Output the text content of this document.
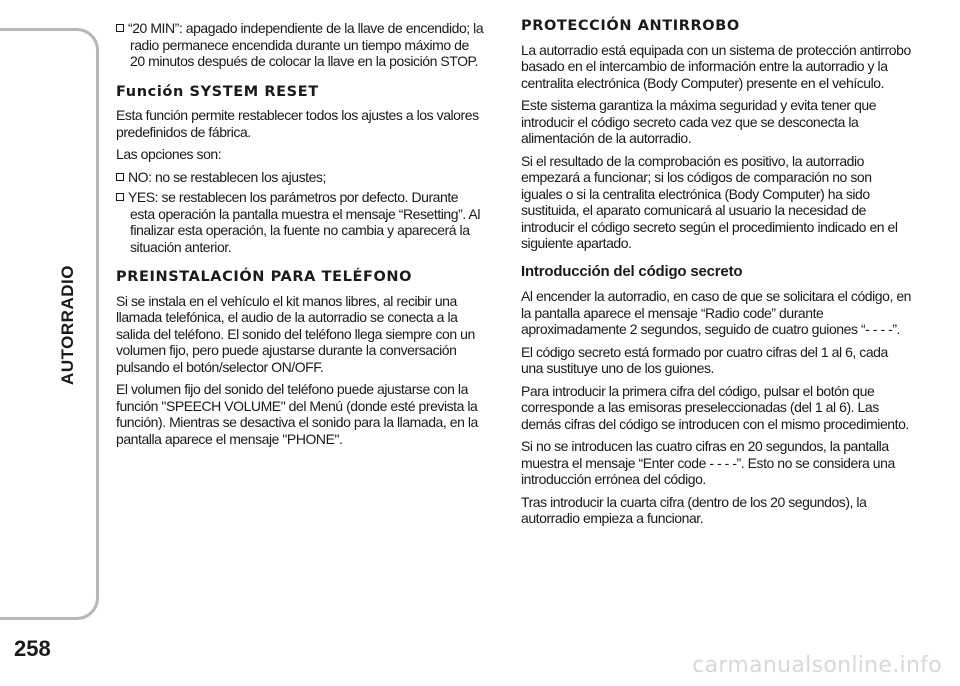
AUTORRADIO
258

“20 MIN”: apagado independiente de la llave de encendido; la radio permanece encendida durante un tiempo máximo de 20 minutos después de colocar la llave en la posición STOP.

Función SYSTEM RESET

Esta función permite restablecer todos los ajustes a los valores predefinidos de fábrica.

Las opciones son:

NO: no se restablecen los ajustes;

YES: se restablecen los parámetros por defecto. Durante esta operación la pantalla muestra el mensaje “Resetting”. Al finalizar esta operación, la fuente no cambia y aparecerá la situación anterior.

PREINSTALACIÓN PARA TELÉFONO

Si se instala en el vehículo el kit manos libres, al recibir una llamada telefónica, el audio de la autorradio se conecta a la salida del teléfono. El sonido del teléfono llega siempre con un volumen fijo, pero puede ajustarse durante la conversación pulsando el botón/selector ON/OFF.

El volumen fijo del sonido del teléfono puede ajustarse con la función "SPEECH VOLUME" del Menú (donde esté prevista la función). Mientras se desactiva el sonido para la llamada, en la pantalla aparece el mensaje "PHONE".

PROTECCIÓN ANTIRROBO

La autorradio está equipada con un sistema de protección antirrobo basado en el intercambio de información entre la autorradio y la centralita electrónica (Body Computer) presente en el vehículo.

Este sistema garantiza la máxima seguridad y evita tener que introducir el código secreto cada vez que se desconecta la alimentación de la autorradio.

Si el resultado de la comprobación es positivo, la autorradio empezará a funcionar; si los códigos de comparación no son iguales o si la centralita electrónica (Body Computer) ha sido sustituida, el aparato comunicará al usuario la necesidad de introducir el código secreto según el procedimiento indicado en el siguiente apartado.

Introducción del código secreto

Al encender la autorradio, en caso de que se solicitara el código, en la pantalla aparece el mensaje “Radio code” durante aproximadamente 2 segundos, seguido de cuatro guiones “- - - -”.

El código secreto está formado por cuatro cifras del 1 al 6, cada una sustituye uno de los guiones.

Para introducir la primera cifra del código, pulsar el botón que corresponde a las emisoras preseleccionadas (del 1 al 6). Las demás cifras del código se introducen con el mismo procedimiento.

Si no se introducen las cuatro cifras en 20 segundos, la pantalla muestra el mensaje “Enter code - - - -”. Esto no se considera una introducción errónea del código.

Tras introducir la cuarta cifra (dentro de los 20 segundos), la autorradio empieza a funcionar.

carmanualsonline.info
